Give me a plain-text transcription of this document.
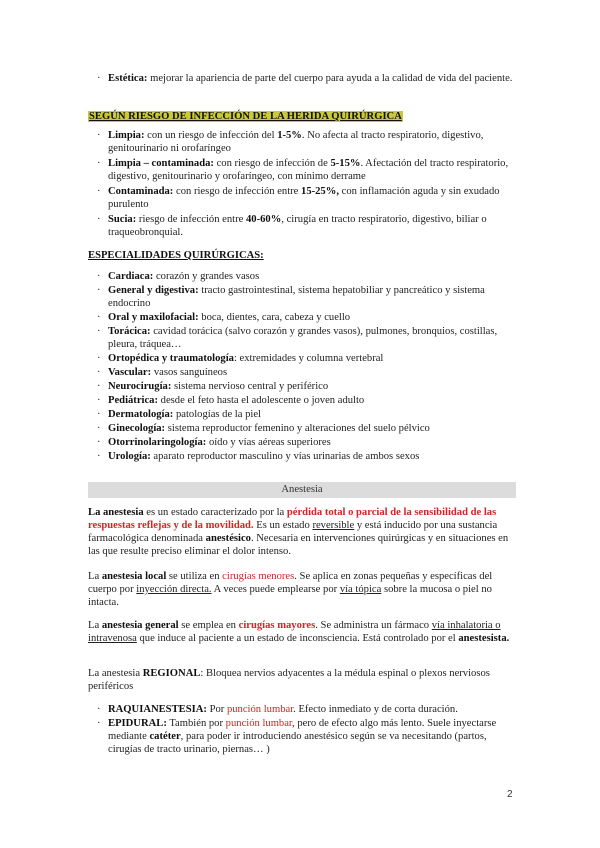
· Estética: mejorar la apariencia de parte del cuerpo para ayuda a la calidad de vida del paciente.
SEGÚN RIESGO DE INFECCIÓN DE LA HERIDA QUIRÚRGICA
· Limpia: con un riesgo de infección del 1-5%. No afecta al tracto respiratorio, digestivo, genitourinario ni orofaríngeo
· Limpia – contaminada: con riesgo de infección de 5-15%. Afectación del tracto respiratorio, digestivo, genitourinario y orofaríngeo, con mínimo derrame
· Contaminada: con riesgo de infección entre 15-25%, con inflamación aguda y sin exudado purulento
· Sucia: riesgo de infección entre 40-60%, cirugía en tracto respiratorio, digestivo, biliar o traqueobronquial.
ESPECIALIDADES QUIRÚRGICAS:
· Cardiaca: corazón y grandes vasos
· General y digestiva: tracto gastrointestinal, sistema hepatobiliar y pancreático y sistema endocrino
· Oral y maxilofacial: boca, dientes, cara, cabeza y cuello
· Torácica: cavidad torácica (salvo corazón y grandes vasos), pulmones, bronquios, costillas, pleura, tráquea…
· Ortopédica y traumatología: extremidades y columna vertebral
· Vascular: vasos sanguíneos
· Neurocirugía: sistema nervioso central y periférico
· Pediátrica: desde el feto hasta el adolescente o joven adulto
· Dermatología: patologías de la piel
· Ginecología: sistema reproductor femenino y alteraciones del suelo pélvico
· Otorrinolaringología: oído y vías aéreas superiores
· Urología: aparato reproductor masculino y vías urinarias de ambos sexos
Anestesia
La anestesia es un estado caracterizado por la pérdida total o parcial de la sensibilidad de las respuestas reflejas y de la movilidad. Es un estado reversible y está inducido por una sustancia farmacológica denominada anestésico. Necesaria en intervenciones quirúrgicas y en situaciones en las que resulte preciso eliminar el dolor intenso.
La anestesia local se utiliza en cirugías menores. Se aplica en zonas pequeñas y específicas del cuerpo por inyección directa. A veces puede emplearse por vía tópica sobre la mucosa o piel no intacta.
La anestesia general se emplea en cirugías mayores. Se administra un fármaco vía inhalatoria o intravenosa que induce al paciente a un estado de inconsciencia. Está controlado por el anestesista.
La anestesia REGIONAL: Bloquea nervios adyacentes a la médula espinal o plexos nerviosos periféricos
· RAQUIANESTESIA: Por punción lumbar. Efecto inmediato y de corta duración.
· EPIDURAL: También por punción lumbar, pero de efecto algo más lento. Suele inyectarse mediante catéter, para poder ir introduciendo anestésico según se va necesitando (partos, cirugías de tracto urinario, piernas… )
2
